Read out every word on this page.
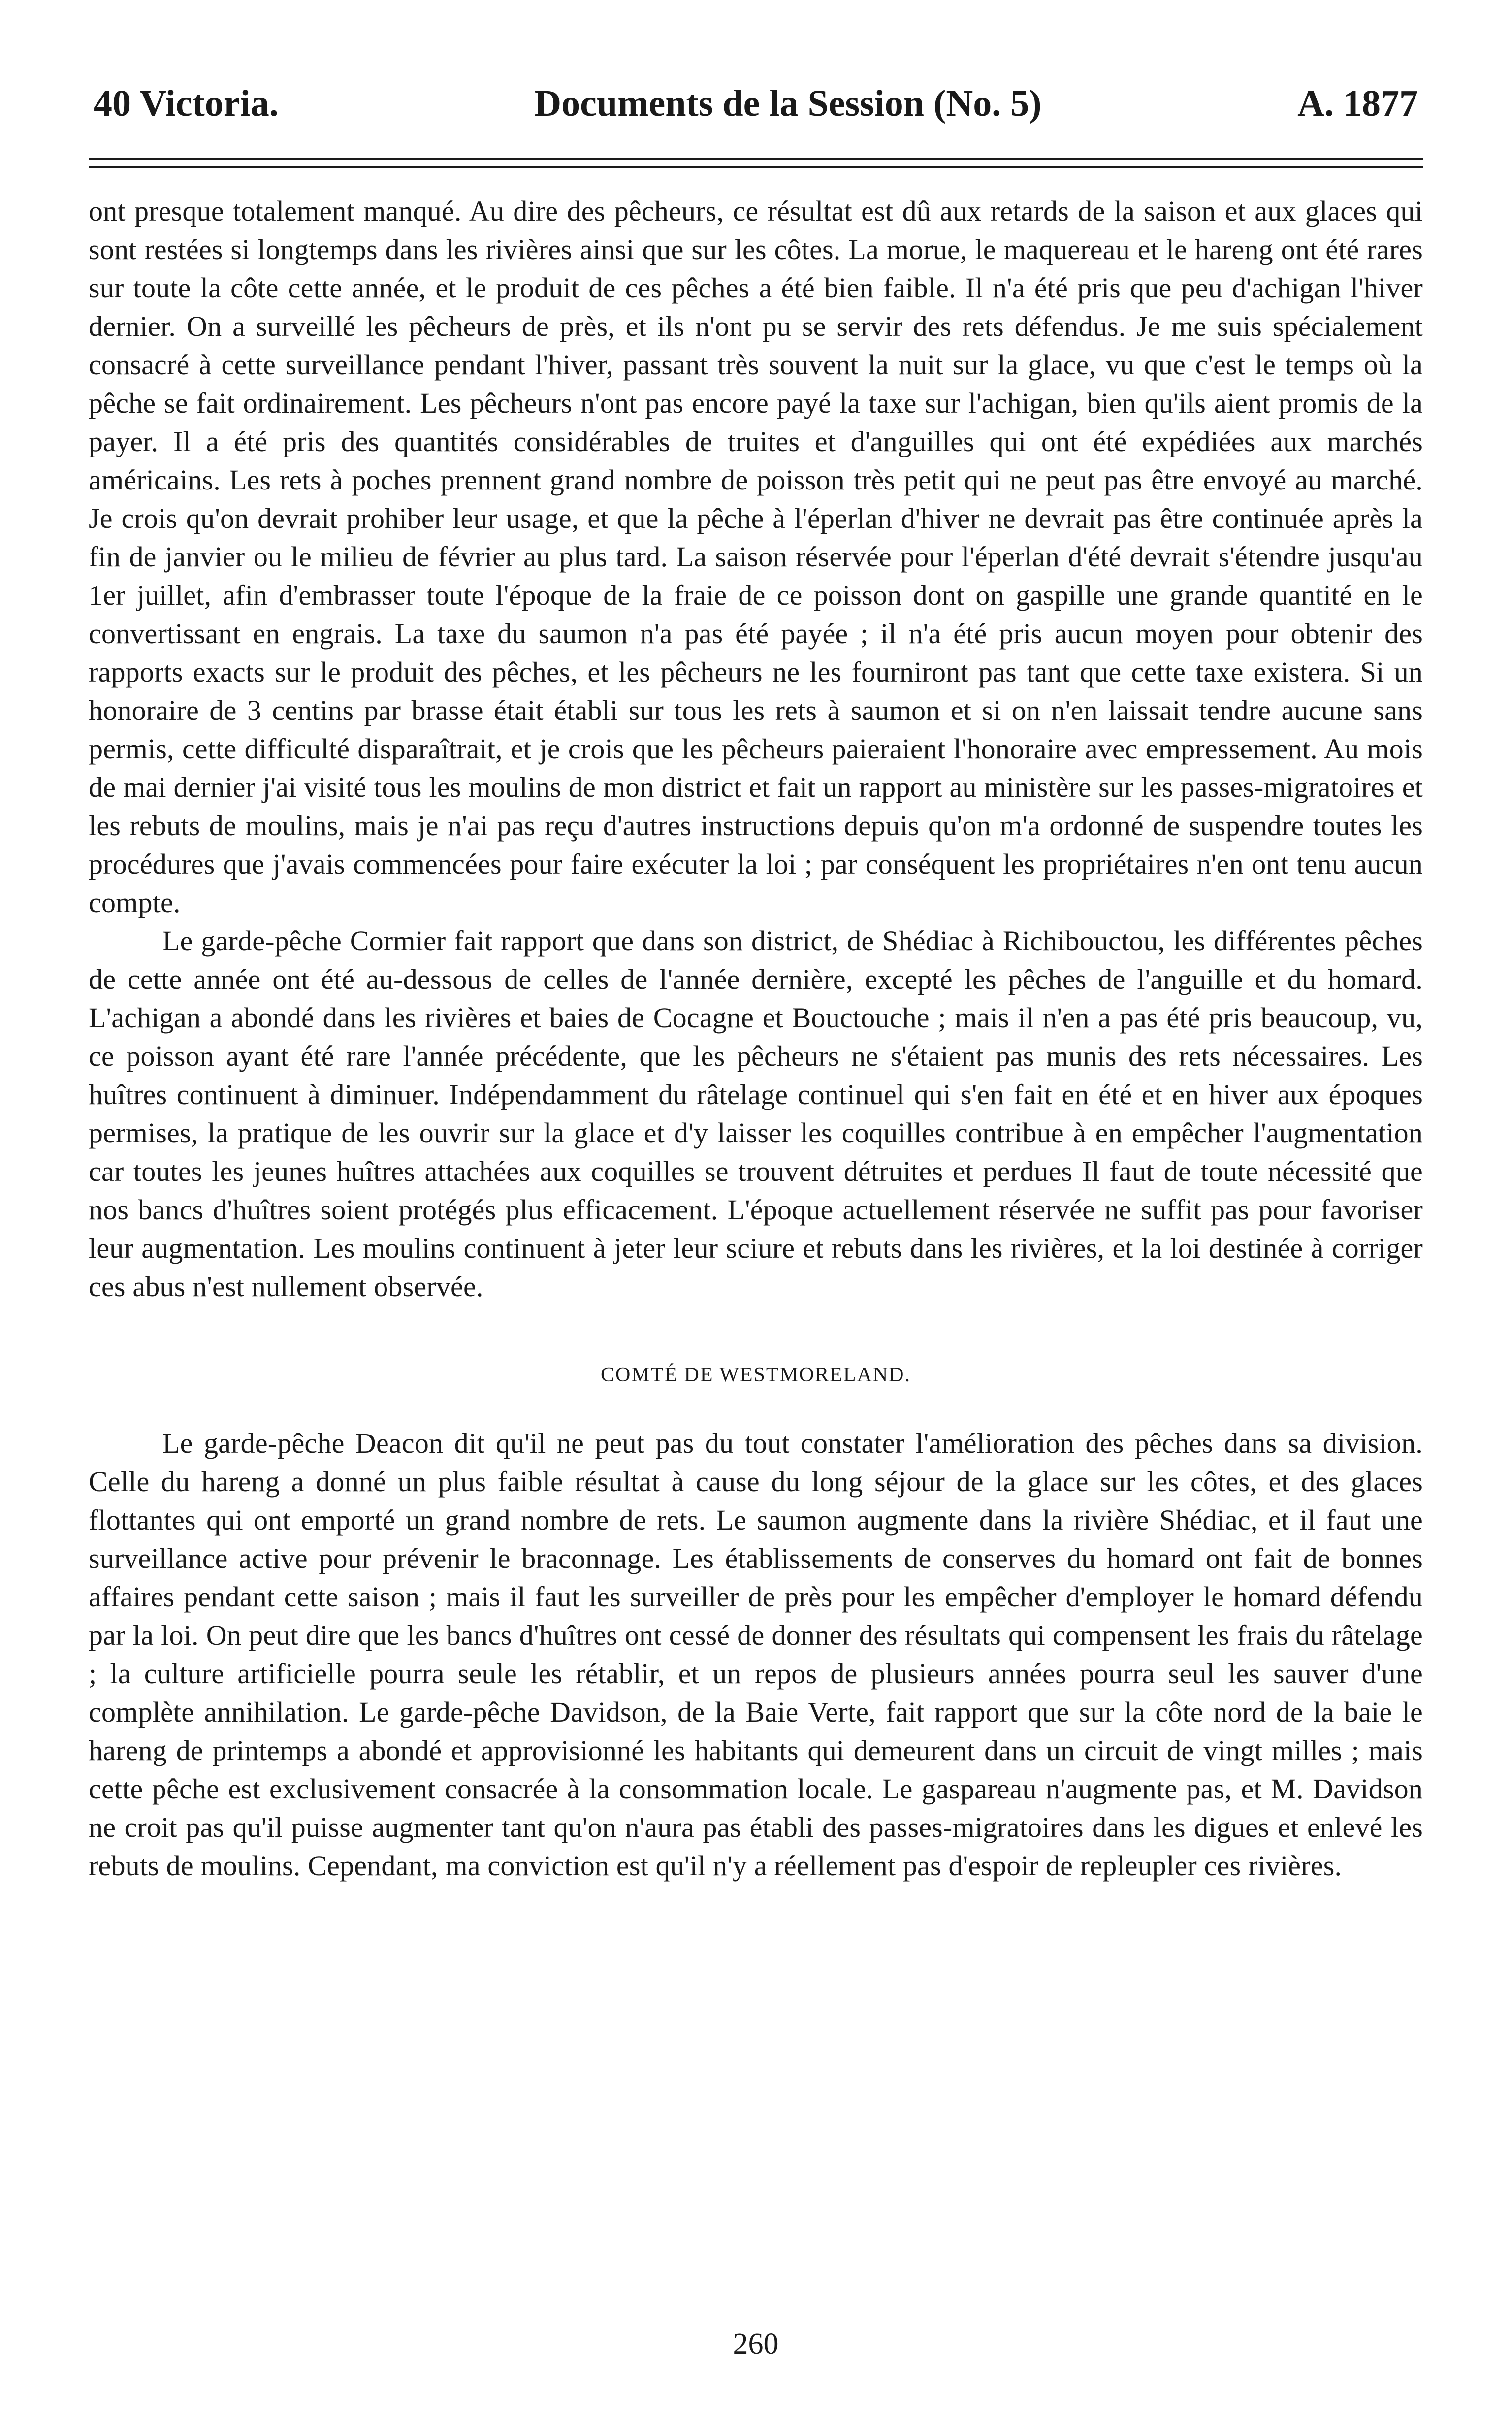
40 Victoria.	Documents de la Session (No. 5)	A. 1877

ont presque totalement manqué. Au dire des pêcheurs, ce résultat est dû aux retards de la saison et aux glaces qui sont restées si longtemps dans les rivières ainsi que sur les côtes. La morue, le maquereau et le hareng ont été rares sur toute la côte cette année, et le produit de ces pêches a été bien faible. Il n'a été pris que peu d'achigan l'hiver dernier. On a surveillé les pêcheurs de près, et ils n'ont pu se servir des rets défendus. Je me suis spécialement consacré à cette surveillance pendant l'hiver, passant très souvent la nuit sur la glace, vu que c'est le temps où la pêche se fait ordinairement. Les pêcheurs n'ont pas encore payé la taxe sur l'achigan, bien qu'ils aient promis de la payer. Il a été pris des quantités considérables de truites et d'anguilles qui ont été expédiées aux marchés américains. Les rets à poches prennent grand nombre de poisson très petit qui ne peut pas être envoyé au marché. Je crois qu'on devrait prohiber leur usage, et que la pêche à l'éperlan d'hiver ne devrait pas être continuée après la fin de janvier ou le milieu de février au plus tard. La saison réservée pour l'éperlan d'été devrait s'étendre jusqu'au 1er juillet, afin d'embrasser toute l'époque de la fraie de ce poisson dont on gaspille une grande quantité en le convertissant en engrais. La taxe du saumon n'a pas été payée ; il n'a été pris aucun moyen pour obtenir des rapports exacts sur le produit des pêches, et les pêcheurs ne les fourniront pas tant que cette taxe existera. Si un honoraire de 3 centins par brasse était établi sur tous les rets à saumon et si on n'en laissait tendre aucune sans permis, cette difficulté disparaîtrait, et je crois que les pêcheurs paieraient l'honoraire avec empressement. Au mois de mai dernier j'ai visité tous les moulins de mon district et fait un rapport au ministère sur les passes-migratoires et les rebuts de moulins, mais je n'ai pas reçu d'autres instructions depuis qu'on m'a ordonné de suspendre toutes les procédures que j'avais commencées pour faire exécuter la loi ; par conséquent les propriétaires n'en ont tenu aucun compte.

Le garde-pêche Cormier fait rapport que dans son district, de Shédiac à Richibouctou, les différentes pêches de cette année ont été au-dessous de celles de l'année dernière, excepté les pêches de l'anguille et du homard. L'achigan a abondé dans les rivières et baies de Cocagne et Bouctouche ; mais il n'en a pas été pris beaucoup, vu, ce poisson ayant été rare l'année précédente, que les pêcheurs ne s'étaient pas munis des rets nécessaires. Les huîtres continuent à diminuer. Indépendamment du râtelage continuel qui s'en fait en été et en hiver aux époques permises, la pratique de les ouvrir sur la glace et d'y laisser les coquilles contribue à en empêcher l'augmentation car toutes les jeunes huîtres attachées aux coquilles se trouvent détruites et perdues Il faut de toute nécessité que nos bancs d'huîtres soient protégés plus efficacement. L'époque actuellement réservée ne suffit pas pour favoriser leur augmentation. Les moulins continuent à jeter leur sciure et rebuts dans les rivières, et la loi destinée à corriger ces abus n'est nullement observée.

COMTÉ DE WESTMORELAND.

Le garde-pêche Deacon dit qu'il ne peut pas du tout constater l'amélioration des pêches dans sa division. Celle du hareng a donné un plus faible résultat à cause du long séjour de la glace sur les côtes, et des glaces flottantes qui ont emporté un grand nombre de rets. Le saumon augmente dans la rivière Shédiac, et il faut une surveillance active pour prévenir le braconnage. Les établissements de conserves du homard ont fait de bonnes affaires pendant cette saison ; mais il faut les surveiller de près pour les empêcher d'employer le homard défendu par la loi. On peut dire que les bancs d'huîtres ont cessé de donner des résultats qui compensent les frais du râtelage ; la culture artificielle pourra seule les rétablir, et un repos de plusieurs années pourra seul les sauver d'une complète annihilation. Le garde-pêche Davidson, de la Baie Verte, fait rapport que sur la côte nord de la baie le hareng de printemps a abondé et approvisionné les habitants qui demeurent dans un circuit de vingt milles ; mais cette pêche est exclusivement consacrée à la consommation locale. Le gaspareau n'augmente pas, et M. Davidson ne croit pas qu'il puisse augmenter tant qu'on n'aura pas établi des passes-migratoires dans les digues et enlevé les rebuts de moulins. Cependant, ma conviction est qu'il n'y a réellement pas d'espoir de repleupler ces rivières.

260
